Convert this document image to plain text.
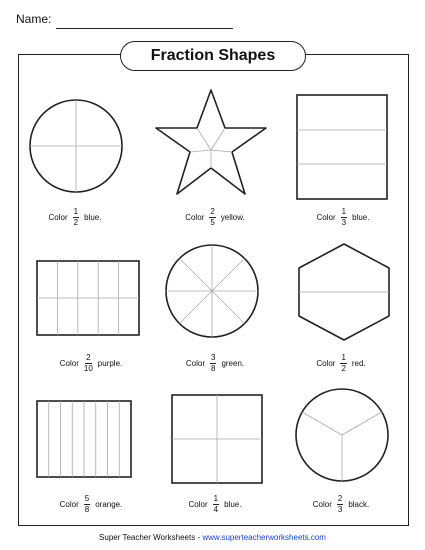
Name:
Fraction Shapes
Color $\frac{1}{2}$ blue.	Color $\frac{2}{5}$ yellow.	Color $\frac{1}{3}$ blue.
Color $\frac{2}{10}$ purple.	Color $\frac{3}{8}$ green.	Color $\frac{1}{2}$ red.
Color $\frac{5}{8}$ orange.	Color $\frac{1}{4}$ blue.	Color $\frac{2}{3}$ black.
Super Teacher Worksheets - www.superteacherworksheets.com
